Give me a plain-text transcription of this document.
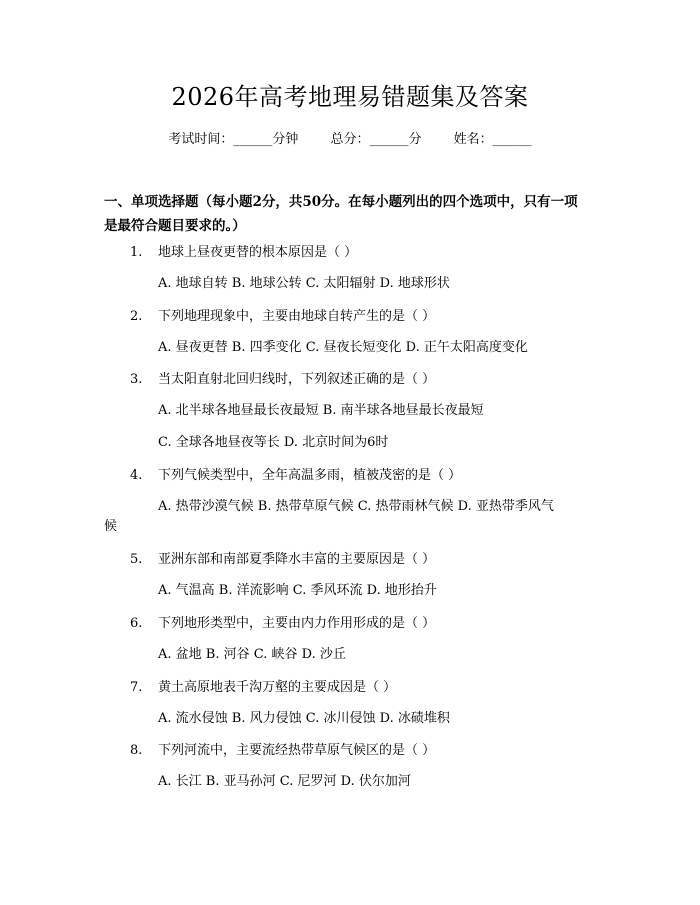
2026年高考地理易错题集及答案
考试时间：______分钟 总分：______分 姓名：______
一、单项选择题（每小题2分，共50分。在每小题列出的四个选项中，只有一项
是最符合题目要求的。）
1. 地球上昼夜更替的根本原因是（ ）
A. 地球自转 B. 地球公转 C. 太阳辐射 D. 地球形状
2. 下列地理现象中，主要由地球自转产生的是（ ）
A. 昼夜更替 B. 四季变化 C. 昼夜长短变化 D. 正午太阳高度变化
3. 当太阳直射北回归线时，下列叙述正确的是（ ）
A. 北半球各地昼最长夜最短 B. 南半球各地昼最长夜最短
C. 全球各地昼夜等长 D. 北京时间为6时
4. 下列气候类型中，全年高温多雨，植被茂密的是（ ）
A. 热带沙漠气候 B. 热带草原气候 C. 热带雨林气候 D. 亚热带季风气
候
5. 亚洲东部和南部夏季降水丰富的主要原因是（ ）
A. 气温高 B. 洋流影响 C. 季风环流 D. 地形抬升
6. 下列地形类型中，主要由内力作用形成的是（ ）
A. 盆地 B. 河谷 C. 峡谷 D. 沙丘
7. 黄土高原地表千沟万壑的主要成因是（ ）
A. 流水侵蚀 B. 风力侵蚀 C. 冰川侵蚀 D. 冰碛堆积
8. 下列河流中，主要流经热带草原气候区的是（ ）
A. 长江 B. 亚马孙河 C. 尼罗河 D. 伏尔加河
